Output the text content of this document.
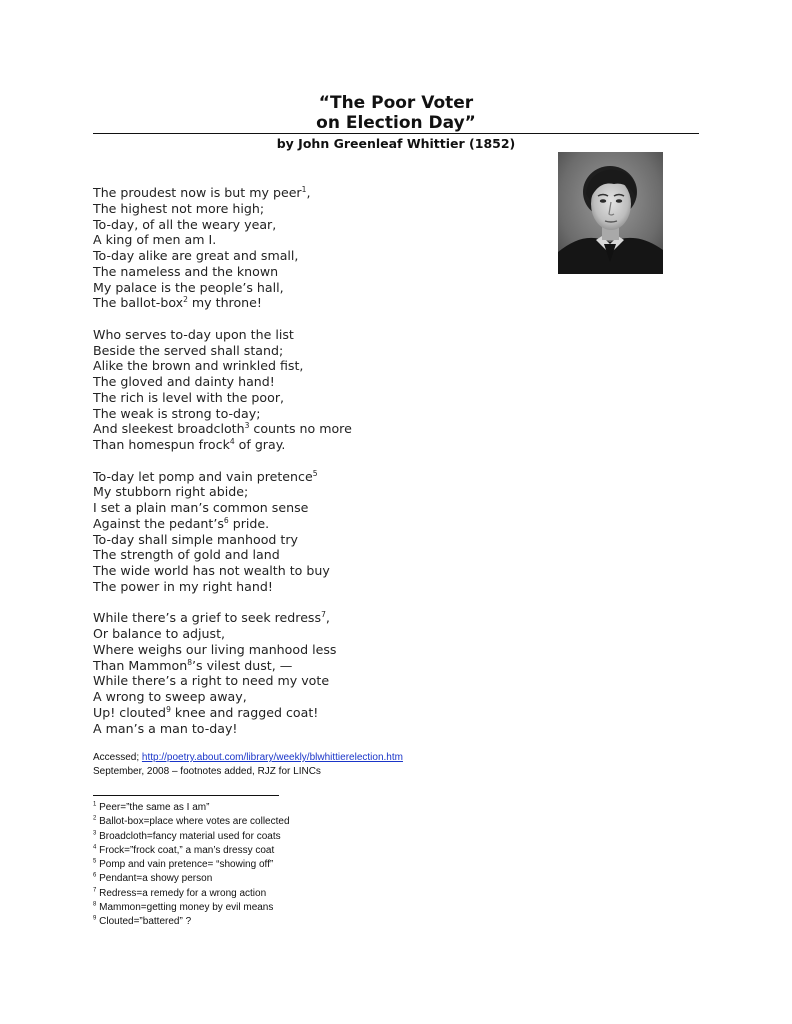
“The Poor Voter
on Election Day”
by John Greenleaf Whittier (1852)
The proudest now is but my peer$^1$,
The highest not more high;
To-day, of all the weary year,
A king of men am I.
To-day alike are great and small,
The nameless and the known
My palace is the people’s hall,
The ballot-box$^2$ my throne!
Who serves to-day upon the list
Beside the served shall stand;
Alike the brown and wrinkled fist,
The gloved and dainty hand!
The rich is level with the poor,
The weak is strong to-day;
And sleekest broadcloth$^3$ counts no more
Than homespun frock$^4$ of gray.
To-day let pomp and vain pretence$^5$
My stubborn right abide;
I set a plain man’s common sense
Against the $pedant’s^6$ pride.
To-day shall simple manhood try
The strength of gold and land
The wide world has not wealth to buy
The power in my right hand!
While there’s a grief to seek redress$^7$,
Or balance to adjust,
Where weighs our living manhood less
Than Mammon$^8$’s vilest dust, —
While there’s a right to need my vote
A wrong to sweep away,
Up! clouted$^9$ knee and ragged coat!
A man’s a man to-day!
Accessed; http://poetry.about.com/library/weekly/blwhittierelection.htm
September, 2008 – footnotes added, RJZ for LINCs
$^1$ Peer=”the same as I am”
$^2$ Ballot-box=place where votes are collected
$^3$ Broadcloth=fancy material used for coats
$^4$ Frock=”frock coat,” a man’s dressy coat
$^5$ Pomp and vain pretence= “showing off”
$^6$ Pendant=a showy person
$^7$ Redress=a remedy for a wrong action
$^8$ Mammon=getting money by evil means
$^9$ Clouted=”battered” ?
